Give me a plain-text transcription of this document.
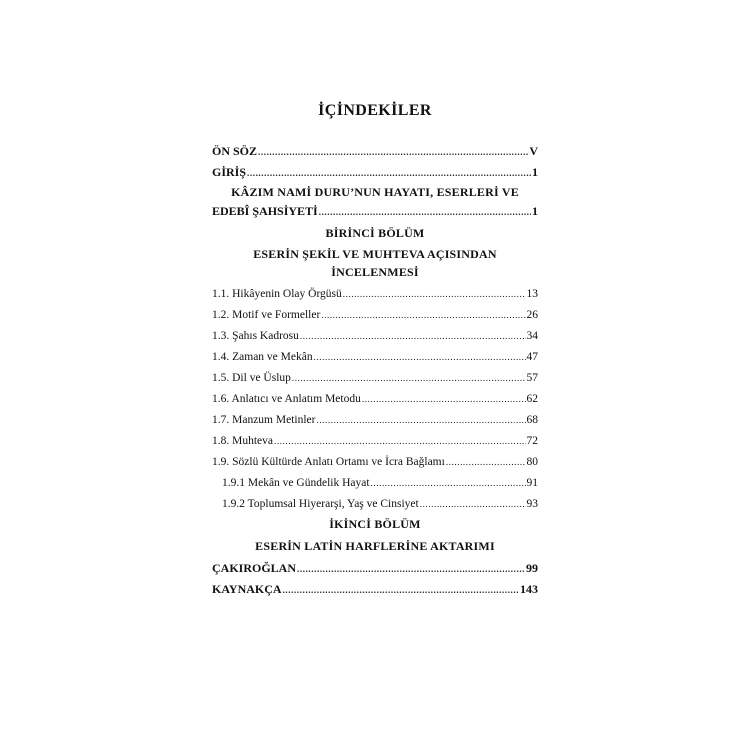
İÇİNDEKİLER
ÖN SÖZ .....	V
GİRİŞ .....	1
KÂZIM NAMİ DURU’NUN HAYATI, ESERLERİ VE
EDEBÎ ŞAHSİYETİ .....	1
BİRİNCİ BÖLÜM
ESERİN ŞEKİL VE MUHTEVA AÇISINDAN
İNCELENMESİ
1.1. Hikâyenin Olay Örgüsü .....	13
1.2. Motif ve Formeller .....	26
1.3. Şahıs Kadrosu .....	34
1.4. Zaman ve Mekân .....	47
1.5. Dil ve Üslup .....	57
1.6. Anlatıcı ve Anlatım Metodu .....	62
1.7. Manzum Metinler .....	68
1.8. Muhteva .....	72
1.9. Sözlü Kültürde Anlatı Ortamı ve İcra Bağlamı .....	80
1.9.1 Mekân ve Gündelik Hayat .....	91
1.9.2 Toplumsal Hiyerarşi, Yaş ve Cinsiyet .....	93
İKİNCİ BÖLÜM
ESERİN LATİN HARFLERİNE AKTARIMI
ÇAKIROĞLAN .....	99
KAYNAKÇA .....	143
